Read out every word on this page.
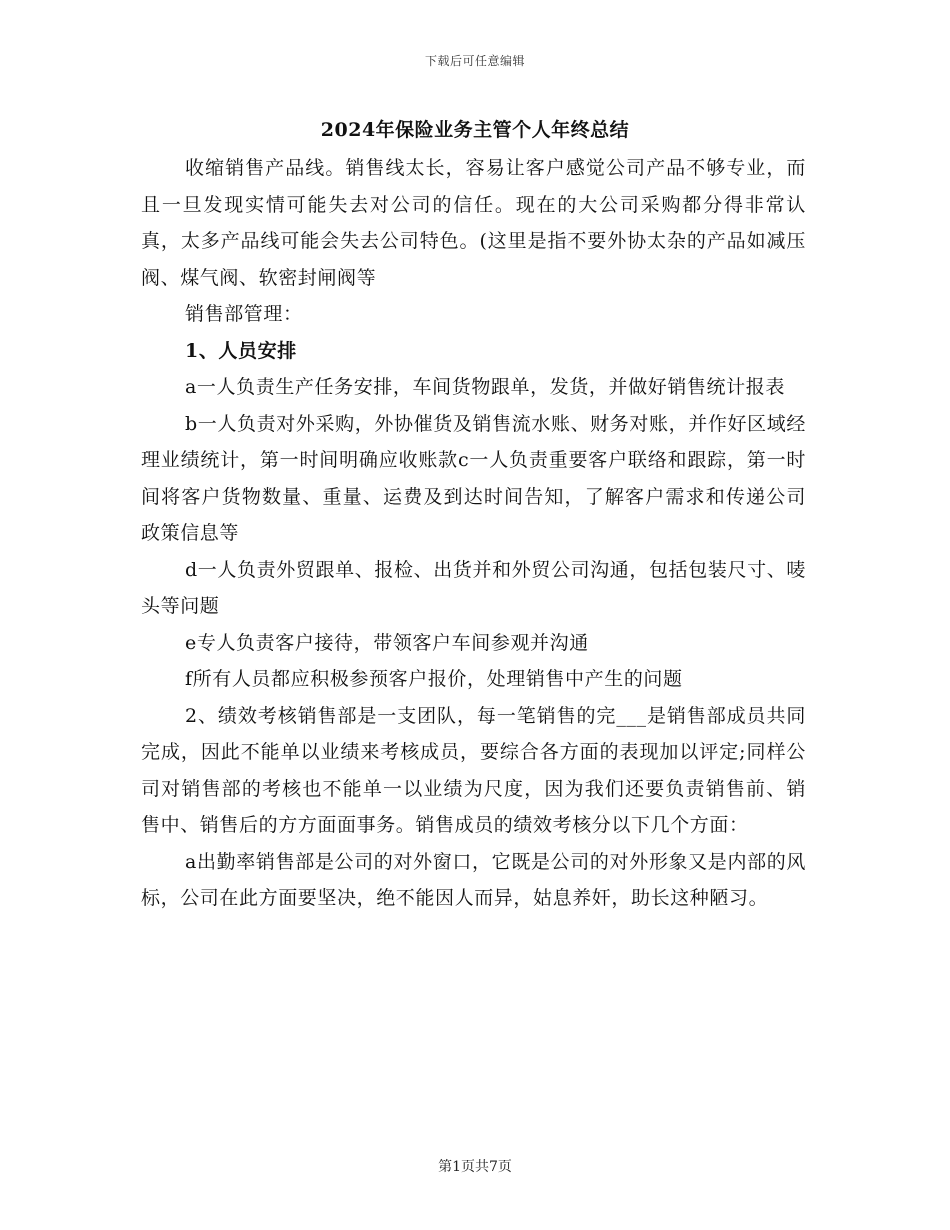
下载后可任意编辑
2024年保险业务主管个人年终总结

收缩销售产品线。销售线太长，容易让客户感觉公司产品不够专业，而且一旦发现实情可能失去对公司的信任。现在的大公司采购都分得非常认真，太多产品线可能会失去公司特色。(这里是指不要外协太杂的产品如减压阀、煤气阀、软密封闸阀等

销售部管理：

1、人员安排

a一人负责生产任务安排，车间货物跟单，发货，并做好销售统计报表

b一人负责对外采购，外协催货及销售流水账、财务对账，并作好区域经理业绩统计，第一时间明确应收账款c一人负责重要客户联络和跟踪，第一时间将客户货物数量、重量、运费及到达时间告知，了解客户需求和传递公司政策信息等

d一人负责外贸跟单、报检、出货并和外贸公司沟通，包括包装尺寸、唛头等问题

e专人负责客户接待，带领客户车间参观并沟通

f所有人员都应积极参预客户报价，处理销售中产生的问题

2、绩效考核销售部是一支团队，每一笔销售的完___是销售部成员共同完成，因此不能单以业绩来考核成员，要综合各方面的表现加以评定;同样公司对销售部的考核也不能单一以业绩为尺度，因为我们还要负责销售前、销售中、销售后的方方面面事务。销售成员的绩效考核分以下几个方面：

a出勤率销售部是公司的对外窗口，它既是公司的对外形象又是内部的风标，公司在此方面要坚决，绝不能因人而异，姑息养奸，助长这种陋习。

第1页共7页
